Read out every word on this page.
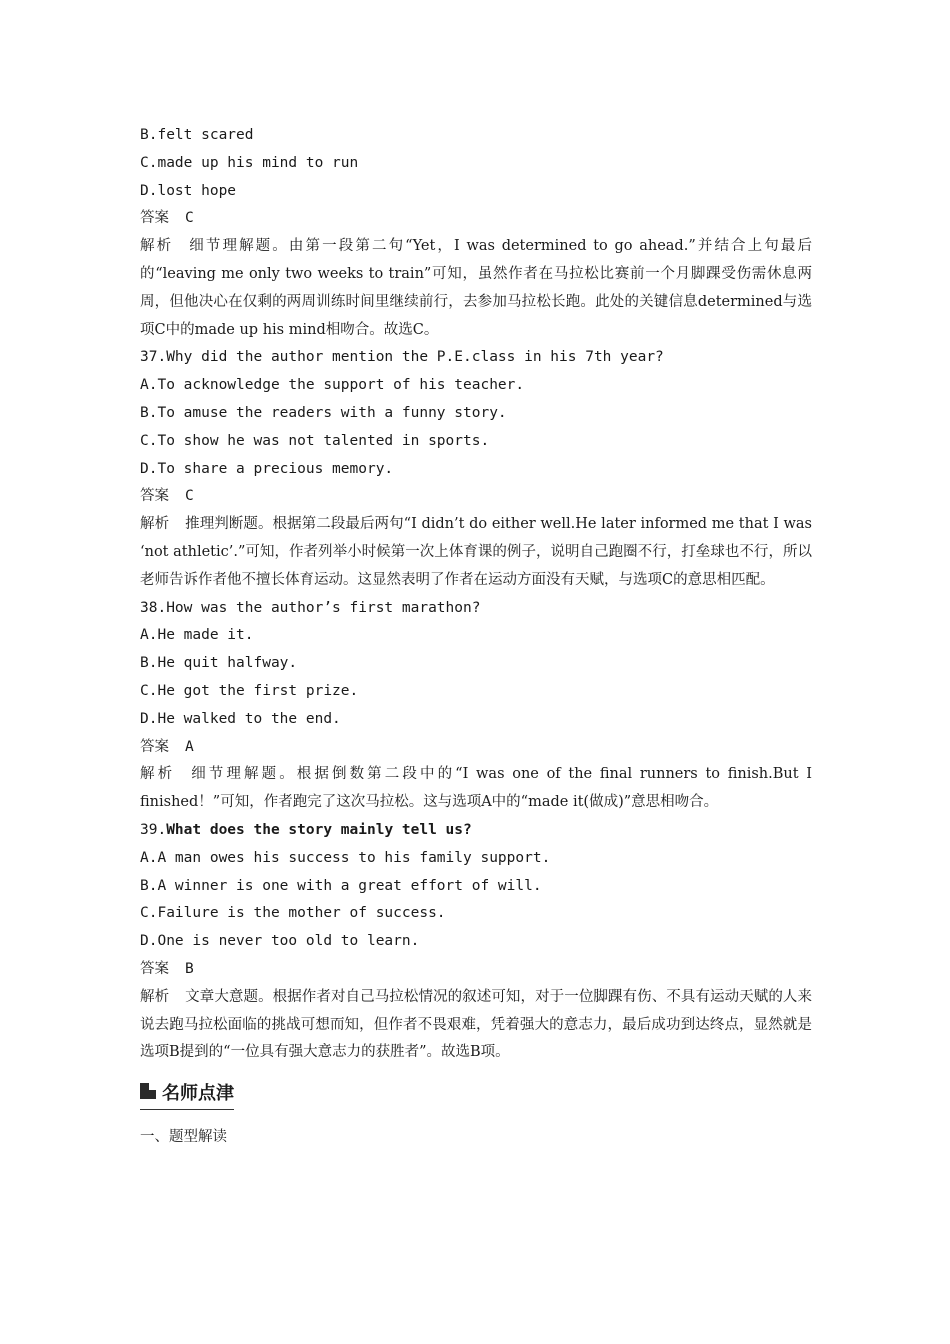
B.felt scared
C.made up his mind to run
D.lost hope
答案 C
解析 细节理解题。由第一段第二句“Yet，I was determined to go ahead.”并结合上句最后的“leaving me only two weeks to train”可知，虽然作者在马拉松比赛前一个月脚踝受伤需休息两周，但他决心在仅剩的两周训练时间里继续前行，去参加马拉松长跑。此处的关键信息determined与选项C中的made up his mind相吻合。故选C。
37.Why did the author mention the P.E.class in his 7th year?
A.To acknowledge the support of his teacher.
B.To amuse the readers with a funny story.
C.To show he was not talented in sports.
D.To share a precious memory.
答案 C
解析 推理判断题。根据第二段最后两句“I didn’t do either well.He later informed me that I was ‘not athletic’.”可知，作者列举小时候第一次上体育课的例子，说明自己跑圈不行，打垒球也不行，所以老师告诉作者他不擅长体育运动。这显然表明了作者在运动方面没有天赋，与选项C的意思相匹配。
38.How was the author’s first marathon?
A.He made it.
B.He quit halfway.
C.He got the first prize.
D.He walked to the end.
答案 A
解析 细节理解题。根据倒数第二段中的“I was one of the final runners to finish.But I finished！”可知，作者跑完了这次马拉松。这与选项A中的“made it(做成)”意思相吻合。
39.What does the story mainly tell us?
A.A man owes his success to his family support.
B.A winner is one with a great effort of will.
C.Failure is the mother of success.
D.One is never too old to learn.
答案 B
解析 文章大意题。根据作者对自己马拉松情况的叙述可知，对于一位脚踝有伤、不具有运动天赋的人来说去跑马拉松面临的挑战可想而知，但作者不畏艰难，凭着强大的意志力，最后成功到达终点，显然就是选项B提到的“一位具有强大意志力的获胜者”。故选B项。
名师点津
一、题型解读
